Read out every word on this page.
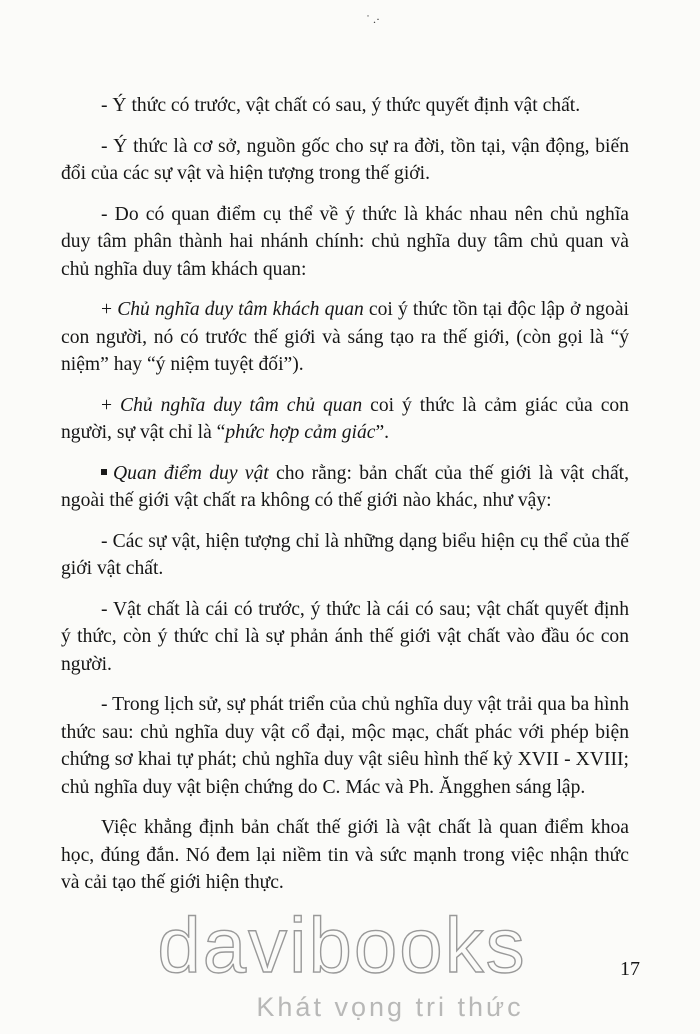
˙ .·

- Ý thức có trước, vật chất có sau, ý thức quyết định vật chất.

- Ý thức là cơ sở, nguồn gốc cho sự ra đời, tồn tại, vận động, biến đổi của các sự vật và hiện tượng trong thế giới.

- Do có quan điểm cụ thể về ý thức là khác nhau nên chủ nghĩa duy tâm phân thành hai nhánh chính: chủ nghĩa duy tâm chủ quan và chủ nghĩa duy tâm khách quan:

+ Chủ nghĩa duy tâm khách quan coi ý thức tồn tại độc lập ở ngoài con người, nó có trước thế giới và sáng tạo ra thế giới, (còn gọi là “ý niệm” hay “ý niệm tuyệt đối”).

+ Chủ nghĩa duy tâm chủ quan coi ý thức là cảm giác của con người, sự vật chỉ là “phức hợp cảm giác”.

Quan điểm duy vật cho rằng: bản chất của thế giới là vật chất, ngoài thế giới vật chất ra không có thế giới nào khác, như vậy:

- Các sự vật, hiện tượng chỉ là những dạng biểu hiện cụ thể của thế giới vật chất.

- Vật chất là cái có trước, ý thức là cái có sau; vật chất quyết định ý thức, còn ý thức chỉ là sự phản ánh thế giới vật chất vào đầu óc con người.

- Trong lịch sử, sự phát triển của chủ nghĩa duy vật trải qua ba hình thức sau: chủ nghĩa duy vật cổ đại, mộc mạc, chất phác với phép biện chứng sơ khai tự phát; chủ nghĩa duy vật siêu hình thế kỷ XVII - XVIII; chủ nghĩa duy vật biện chứng do C. Mác và Ph. Ăngghen sáng lập.

Việc khẳng định bản chất thế giới là vật chất là quan điểm khoa học, đúng đắn. Nó đem lại niềm tin và sức mạnh trong việc nhận thức và cải tạo thế giới hiện thực.

17
davibooks
Khát vọng tri thức
